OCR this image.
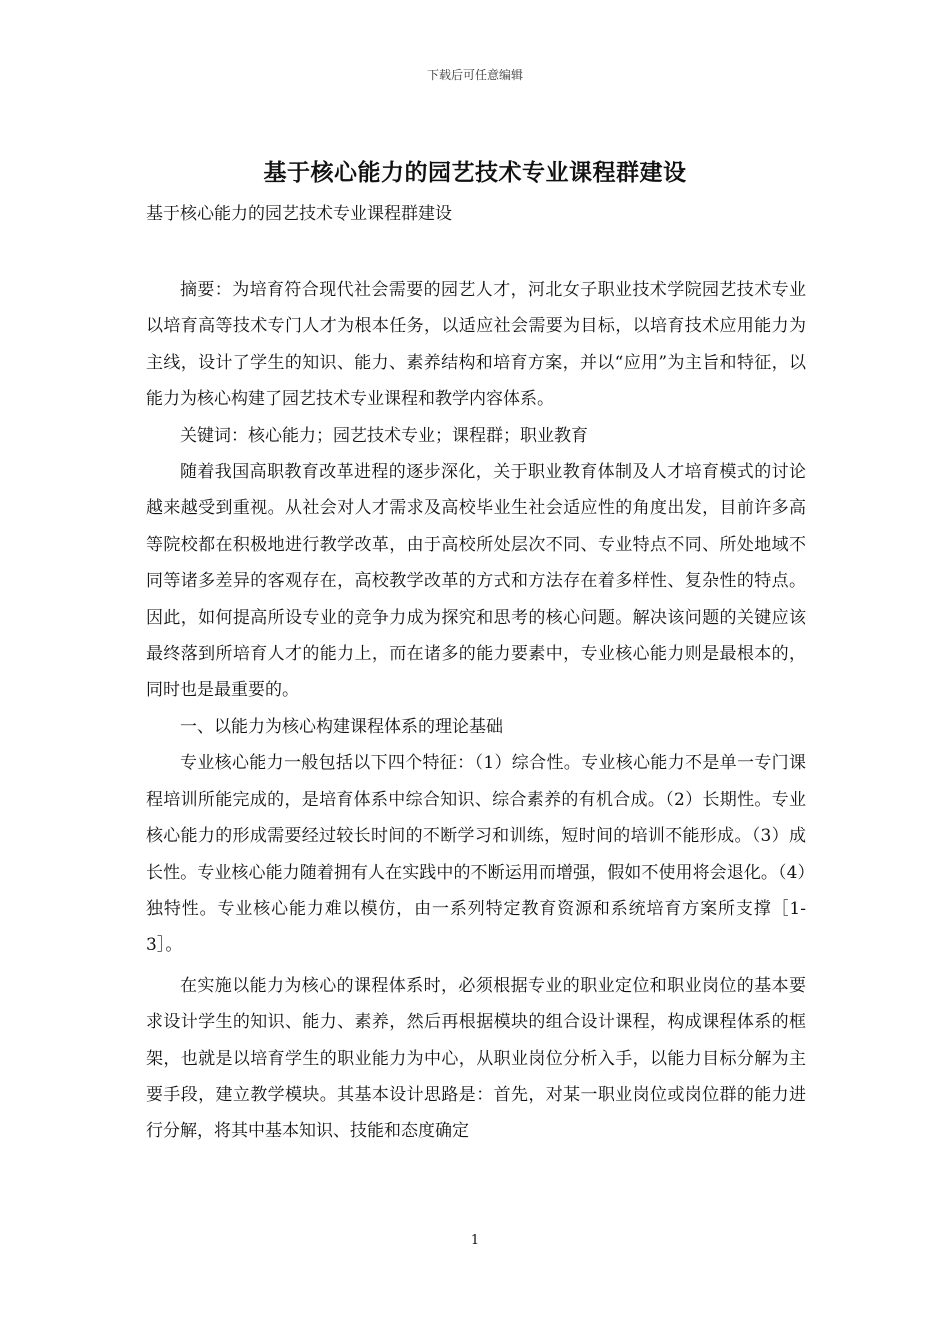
下载后可任意编辑
基于核心能力的园艺技术专业课程群建设
基于核心能力的园艺技术专业课程群建设

摘要：为培育符合现代社会需要的园艺人才，河北女子职业技术学院园艺技术专业以培育高等技术专门人才为根本任务，以适应社会需要为目标，以培育技术应用能力为主线，设计了学生的知识、能力、素养结构和培育方案，并以“应用”为主旨和特征，以能力为核心构建了园艺技术专业课程和教学内容体系。

关键词：核心能力；园艺技术专业；课程群；职业教育

随着我国高职教育改革进程的逐步深化，关于职业教育体制及人才培育模式的讨论越来越受到重视。从社会对人才需求及高校毕业生社会适应性的角度出发，目前许多高等院校都在积极地进行教学改革，由于高校所处层次不同、专业特点不同、所处地域不同等诸多差异的客观存在，高校教学改革的方式和方法存在着多样性、复杂性的特点。因此，如何提高所设专业的竞争力成为探究和思考的核心问题。解决该问题的关键应该最终落到所培育人才的能力上，而在诸多的能力要素中，专业核心能力则是最根本的，同时也是最重要的。

一、以能力为核心构建课程体系的理论基础

专业核心能力一般包括以下四个特征：（1）综合性。专业核心能力不是单一专门课程培训所能完成的，是培育体系中综合知识、综合素养的有机合成。（2）长期性。专业核心能力的形成需要经过较长时间的不断学习和训练，短时间的培训不能形成。（3）成长性。专业核心能力随着拥有人在实践中的不断运用而增强，假如不使用将会退化。（4）独特性。专业核心能力难以模仿，由一系列特定教育资源和系统培育方案所支撑［1-3］。

在实施以能力为核心的课程体系时，必须根据专业的职业定位和职业岗位的基本要求设计学生的知识、能力、素养，然后再根据模块的组合设计课程，构成课程体系的框架，也就是以培育学生的职业能力为中心，从职业岗位分析入手，以能力目标分解为主要手段，建立教学模块。其基本设计思路是：首先，对某一职业岗位或岗位群的能力进行分解，将其中基本知识、技能和态度确定

1
